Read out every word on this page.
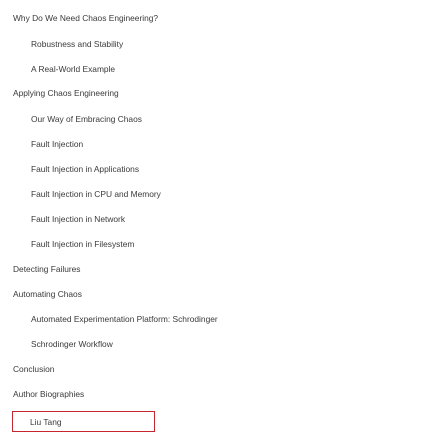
Why Do We Need Chaos Engineering?
Robustness and Stability
A Real-World Example
Applying Chaos Engineering
Our Way of Embracing Chaos
Fault Injection
Fault Injection in Applications
Fault Injection in CPU and Memory
Fault Injection in Network
Fault Injection in Filesystem
Detecting Failures
Automating Chaos
Automated Experimentation Platform: Schrodinger
Schrodinger Workflow
Conclusion
Author Biographies
Liu Tang
